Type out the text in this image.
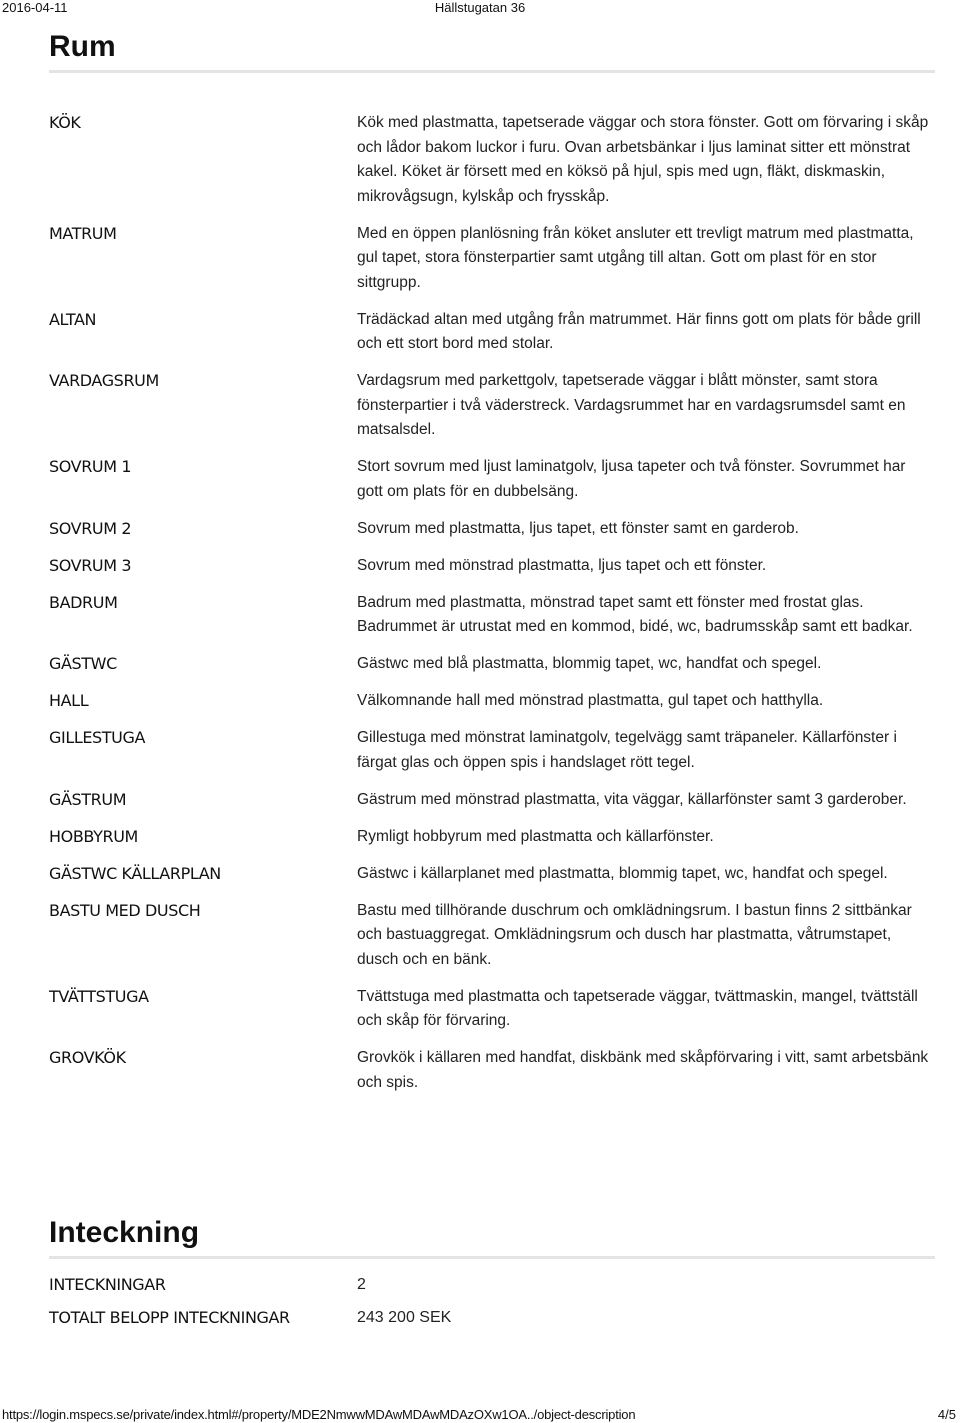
2016-04-11	Hällstugatan 36
Rum
KÖK	Kök med plastmatta, tapetserade väggar och stora fönster. Gott om förvaring i skåp och lådor bakom luckor i furu. Ovan arbetsbänkar i ljus laminat sitter ett mönstrat kakel. Köket är försett med en köksö på hjul, spis med ugn, fläkt, diskmaskin, mikrovågsugn, kylskåp och frysskåp.
MATRUM	Med en öppen planlösning från köket ansluter ett trevligt matrum med plastmatta, gul tapet, stora fönsterpartier samt utgång till altan. Gott om plast för en stor sittgrupp.
ALTAN	Trädäckad altan med utgång från matrummet. Här finns gott om plats för både grill och ett stort bord med stolar.
VARDAGSRUM	Vardagsrum med parkettgolv, tapetserade väggar i blått mönster, samt stora fönsterpartier i två väderstreck. Vardagsrummet har en vardagsrumsdel samt en matsalsdel.
SOVRUM 1	Stort sovrum med ljust laminatgolv, ljusa tapeter och två fönster. Sovrummet har gott om plats för en dubbelsäng.
SOVRUM 2	Sovrum med plastmatta, ljus tapet, ett fönster samt en garderob.
SOVRUM 3	Sovrum med mönstrad plastmatta, ljus tapet och ett fönster.
BADRUM	Badrum med plastmatta, mönstrad tapet samt ett fönster med frostat glas. Badrummet är utrustat med en kommod, bidé, wc, badrumsskåp samt ett badkar.
GÄSTWC	Gästwc med blå plastmatta, blommig tapet, wc, handfat och spegel.
HALL	Välkomnande hall med mönstrad plastmatta, gul tapet och hatthylla.
GILLESTUGA	Gillestuga med mönstrat laminatgolv, tegelvägg samt träpaneler. Källarfönster i färgat glas och öppen spis i handslaget rött tegel.
GÄSTRUM	Gästrum med mönstrad plastmatta, vita väggar, källarfönster samt 3 garderober.
HOBBYRUM	Rymligt hobbyrum med plastmatta och källarfönster.
GÄSTWC KÄLLARPLAN	Gästwc i källarplanet med plastmatta, blommig tapet, wc, handfat och spegel.
BASTU MED DUSCH	Bastu med tillhörande duschrum och omklädningsrum. I bastun finns 2 sittbänkar och bastuaggregat. Omklädningsrum och dusch har plastmatta, våtrumstapet, dusch och en bänk.
TVÄTTSTUGA	Tvättstuga med plastmatta och tapetserade väggar, tvättmaskin, mangel, tvättställ och skåp för förvaring.
GROVKÖK	Grovkök i källaren med handfat, diskbänk med skåpförvaring i vitt, samt arbetsbänk och spis.
Inteckning
INTECKNINGAR	2
TOTALT BELOPP INTECKNINGAR	243 200 SEK
https://login.mspecs.se/private/index.html#/property/MDE2NmwwMDAwMDAwMDAzOXw1OA../object-description	4/5
